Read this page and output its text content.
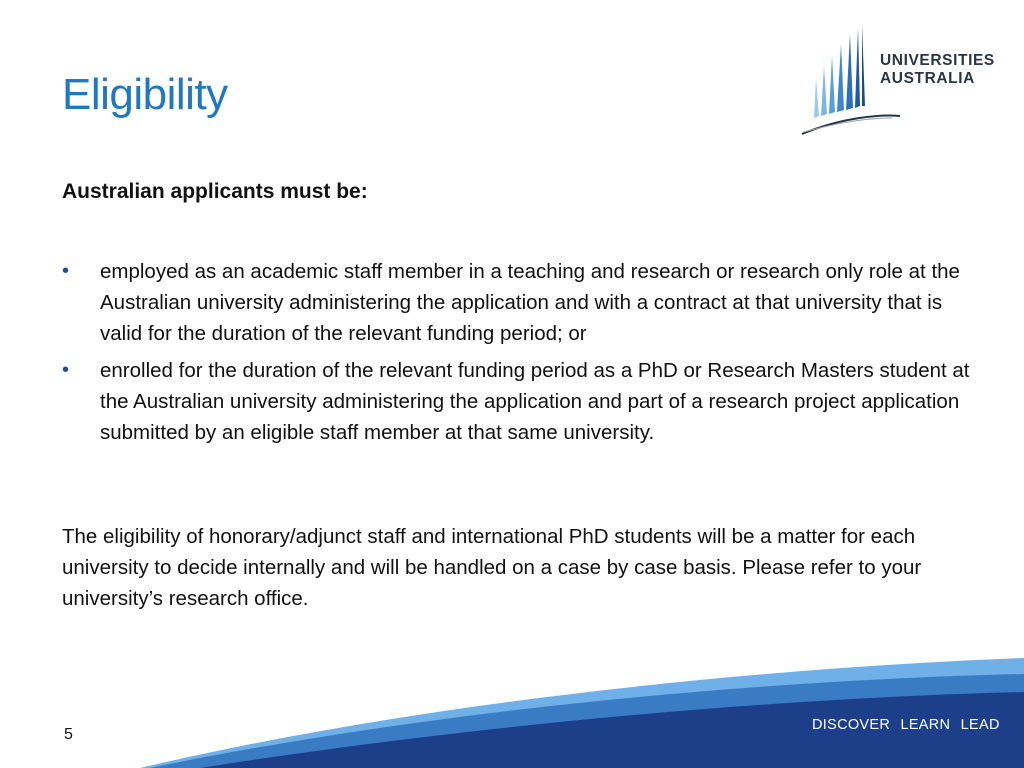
Eligibility
UNIVERSITIES
AUSTRALIA
Australian applicants must be:
• employed as an academic staff member in a teaching and research or research only role at the Australian university administering the application and with a contract at that university that is valid for the duration of the relevant funding period; or
• enrolled for the duration of the relevant funding period as a PhD or Research Masters student at the Australian university administering the application and part of a research project application submitted by an eligible staff member at that same university.

The eligibility of honorary/adjunct staff and international PhD students will be a matter for each university to decide internally and will be handled on a case by case basis. Please refer to your university’s research office.

DISCOVER LEARN LEAD
5
